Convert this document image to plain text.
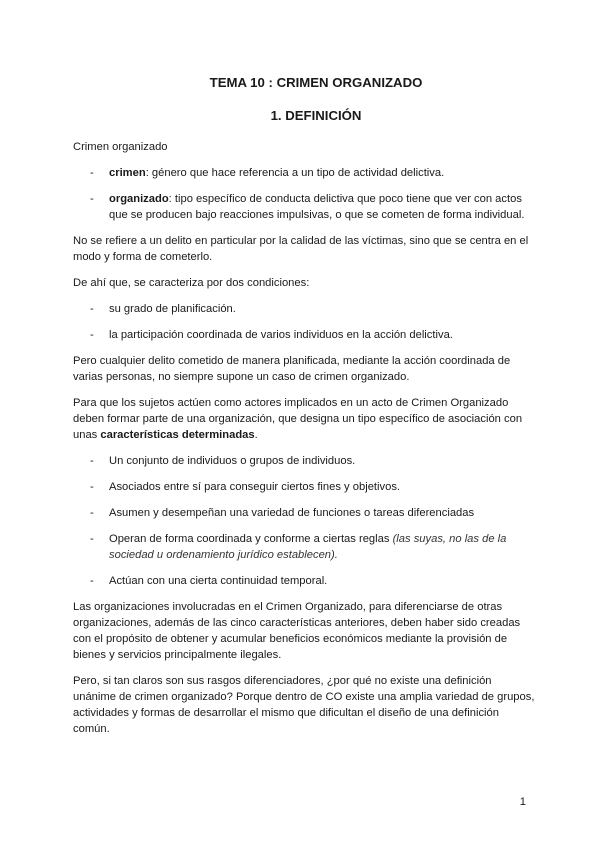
TEMA 10 : CRIMEN ORGANIZADO
1. DEFINICIÓN

Crimen organizado

- crimen: género que hace referencia a un tipo de actividad delictiva.
- organizado: tipo específico de conducta delictiva que poco tiene que ver con actos que se producen bajo reacciones impulsivas, o que se cometen de forma individual.

No se refiere a un delito en particular por la calidad de las víctimas, sino que se centra en el modo y forma de cometerlo.

De ahí que, se caracteriza por dos condiciones:

- su grado de planificación.
- la participación coordinada de varios individuos en la acción delictiva.

Pero cualquier delito cometido de manera planificada, mediante la acción coordinada de varias personas, no siempre supone un caso de crimen organizado.

Para que los sujetos actúen como actores implicados en un acto de Crimen Organizado deben formar parte de una organización, que designa un tipo específico de asociación con unas características determinadas.

- Un conjunto de individuos o grupos de individuos.
- Asociados entre sí para conseguir ciertos fines y objetivos.
- Asumen y desempeñan una variedad de funciones o tareas diferenciadas
- Operan de forma coordinada y conforme a ciertas reglas (las suyas, no las de la sociedad u ordenamiento jurídico establecen).
- Actúan con una cierta continuidad temporal.

Las organizaciones involucradas en el Crimen Organizado, para diferenciarse de otras organizaciones, además de las cinco características anteriores, deben haber sido creadas con el propósito de obtener y acumular beneficios económicos mediante la provisión de bienes y servicios principalmente ilegales.

Pero, si tan claros son sus rasgos diferenciadores, ¿por qué no existe una definición unánime de crimen organizado? Porque dentro de CO existe una amplia variedad de grupos, actividades y formas de desarrollar el mismo que dificultan el diseño de una definición común.

1
